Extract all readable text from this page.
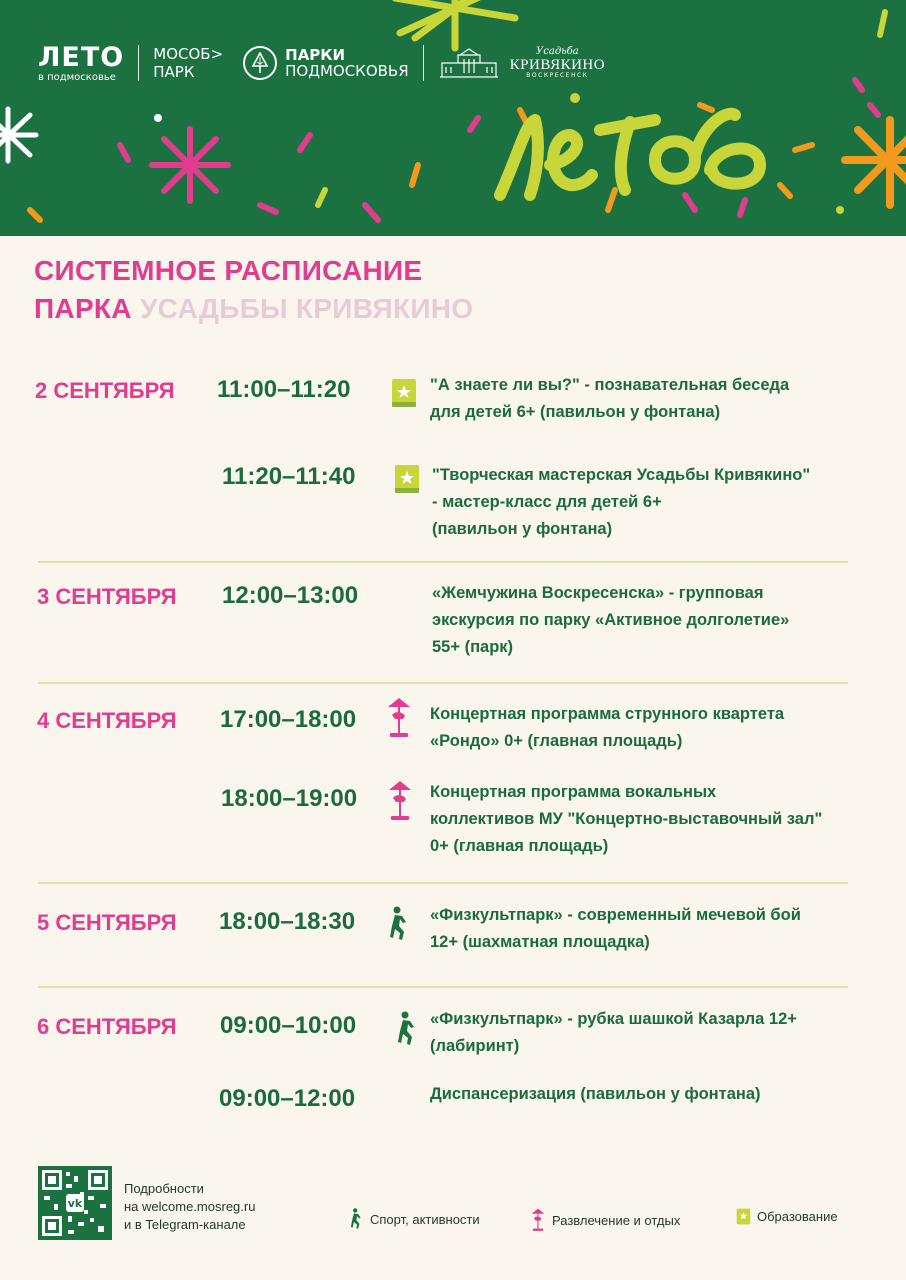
ЛЕТО
в подмосковье
МОСОБ>
ПАРК
ПАРКИ
ПОДМОСКОВЬЯ
Усадьба
КРИВЯКИНО
ВОСКРЕСЕНСК
СИСТЕМНОЕ РАСПИСАНИЕ
ПАРКА УСАДЬБЫ КРИВЯКИНО
2 СЕНТЯБРЯ 11:00–11:20	"А знаете ли вы?" - познавательная беседа
для детей 6+ (павильон у фонтана)
11:20–11:40	"Творческая мастерская Усадьбы Кривякино"
- мастер-класс для детей 6+
(павильон у фонтана)
3 СЕНТЯБРЯ 12:00–13:00	«Жемчужина Воскресенска» - групповая
экскурсия по парку «Активное долголетие»
55+ (парк)
4 СЕНТЯБРЯ 17:00–18:00	Концертная программа струнного квартета
«Рондо» 0+ (главная площадь)
18:00–19:00	Концертная программа вокальных
коллективов МУ "Концертно-выставочный зал"
0+ (главная площадь)
5 СЕНТЯБРЯ 18:00–18:30	«Физкультпарк» - современный мечевой бой
12+ (шахматная площадка)
6 СЕНТЯБРЯ 09:00–10:00	«Физкультпарк» - рубка шашкой Казарла 12+
(лабиринт)
09:00–12:00	Диспансеризация (павильон у фонтана)
vk
Подробности
на welcome.mosreg.ru
и в Telegram-канале	Спорт, активности	Развлечение и отдых	Образование
